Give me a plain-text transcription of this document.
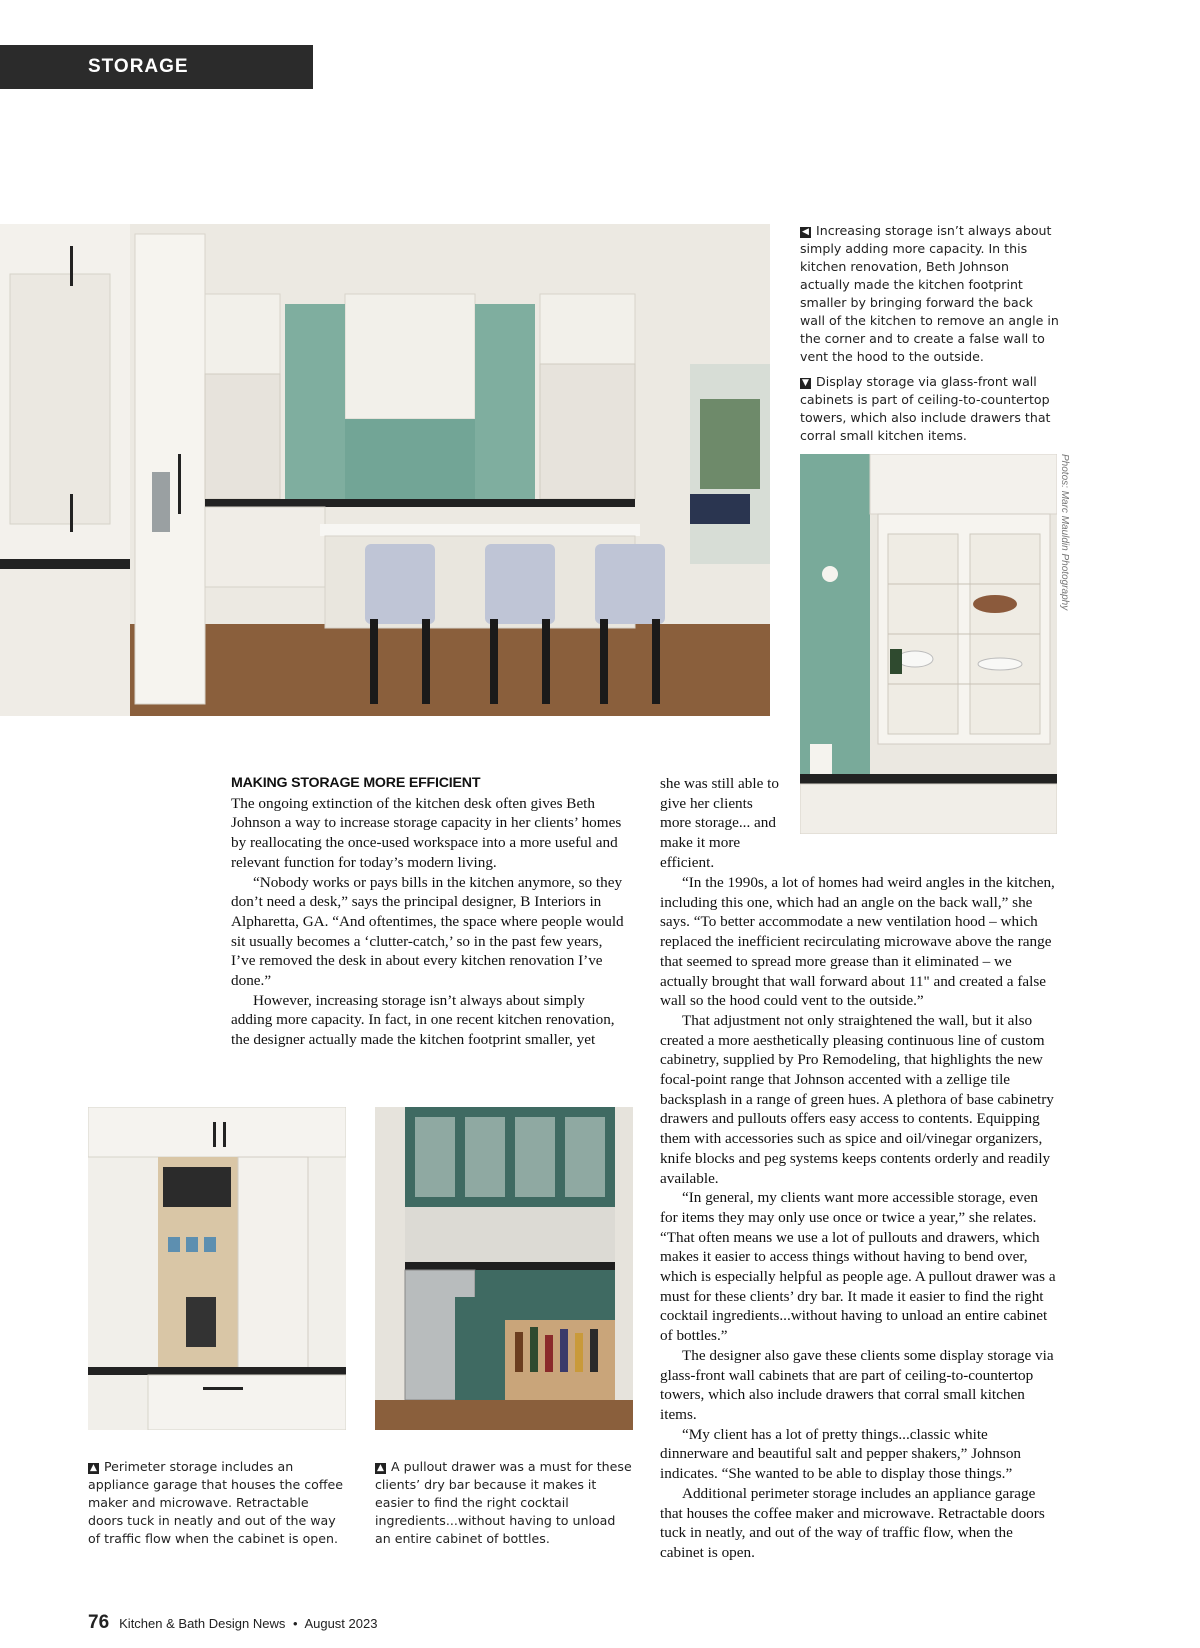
STORAGE SOLUTIONS

◀ Increasing storage isn’t always about simply adding more capacity. In this kitchen renovation, Beth Johnson actually made the kitchen footprint smaller by bringing forward the back wall of the kitchen to remove an angle in the corner and to create a false wall to vent the hood to the outside.

▼ Display storage via glass-front wall cabinets is part of ceiling-to-countertop towers, which also include drawers that corral small kitchen items.

Photos: Marc Mauldin Photography

MAKING STORAGE MORE EFFICIENT

The ongoing extinction of the kitchen desk often gives Beth Johnson a way to increase storage capacity in her clients’ homes by reallocating the once-used workspace into a more useful and relevant function for today’s modern living.

“Nobody works or pays bills in the kitchen anymore, so they don’t need a desk,” says the principal designer, B Interiors in Alpharetta, GA. “And oftentimes, the space where people would sit usually becomes a ‘clutter-catch,’ so in the past few years, I’ve removed the desk in about every kitchen renovation I’ve done.”

However, increasing storage isn’t always about simply adding more capacity. In fact, in one recent kitchen renovation, the designer actually made the kitchen footprint smaller, yet

she was still able to give her clients more storage... and make it more efficient.

“In the 1990s, a lot of homes had weird angles in the kitchen, including this one, which had an angle on the back wall,” she says. “To better accommodate a new ventilation hood – which replaced the inefficient recirculating microwave above the range that seemed to spread more grease than it eliminated – we actually brought that wall forward about 11" and created a false wall so the hood could vent to the outside.”

That adjustment not only straightened the wall, but it also created a more aesthetically pleasing continuous line of custom cabinetry, supplied by Pro Remodeling, that highlights the new focal-point range that Johnson accented with a zellige tile backsplash in a range of green hues. A plethora of base cabinetry drawers and pullouts offers easy access to contents. Equipping them with accessories such as spice and oil/vinegar organizers, knife blocks and peg systems keeps contents orderly and readily available.

“In general, my clients want more accessible storage, even for items they may only use once or twice a year,” she relates. “That often means we use a lot of pullouts and drawers, which makes it easier to access things without having to bend over, which is especially helpful as people age. A pullout drawer was a must for these clients’ dry bar. It made it easier to find the right cocktail ingredients...without having to unload an entire cabinet of bottles.”

The designer also gave these clients some display storage via glass-front wall cabinets that are part of ceiling-to-countertop towers, which also include drawers that corral small kitchen items.

“My client has a lot of pretty things...classic white dinnerware and beautiful salt and pepper shakers,” Johnson indicates. “She wanted to be able to display those things.”

Additional perimeter storage includes an appliance garage that houses the coffee maker and microwave. Retractable doors tuck in neatly, and out of the way of traffic flow, when the cabinet is open.

▲ Perimeter storage includes an appliance garage that houses the coffee maker and microwave. Retractable doors tuck in neatly and out of the way of traffic flow when the cabinet is open.
▲ A pullout drawer was a must for these clients’ dry bar because it makes it easier to find the right cocktail ingredients...without having to unload an entire cabinet of bottles.
76 Kitchen & Bath Design News • August 2023
